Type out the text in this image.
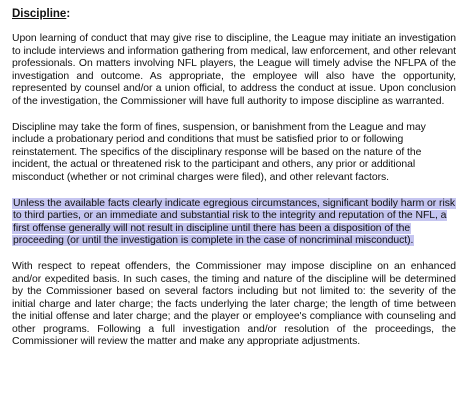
Discipline:

Upon learning of conduct that may give rise to discipline, the League may initiate an investigation to include interviews and information gathering from medical, law enforcement, and other relevant professionals. On matters involving NFL players, the League will timely advise the NFLPA of the investigation and outcome. As appropriate, the employee will also have the opportunity, represented by counsel and/or a union official, to address the conduct at issue. Upon conclusion of the investigation, the Commissioner will have full authority to impose discipline as warranted.

Discipline may take the form of fines, suspension, or banishment from the League and may include a probationary period and conditions that must be satisfied prior to or following reinstatement. The specifics of the disciplinary response will be based on the nature of the incident, the actual or threatened risk to the participant and others, any prior or additional misconduct (whether or not criminal charges were filed), and other relevant factors.

Unless the available facts clearly indicate egregious circumstances, significant bodily harm or risk to third parties, or an immediate and substantial risk to the integrity and reputation of the NFL, a first offense generally will not result in discipline until there has been a disposition of the proceeding (or until the investigation is complete in the case of noncriminal misconduct).

With respect to repeat offenders, the Commissioner may impose discipline on an enhanced and/or expedited basis. In such cases, the timing and nature of the discipline will be determined by the Commissioner based on several factors including but not limited to: the severity of the initial charge and later charge; the facts underlying the later charge; the length of time between the initial offense and later charge; and the player or employee's compliance with counseling and other programs. Following a full investigation and/or resolution of the proceedings, the Commissioner will review the matter and make any appropriate adjustments.
